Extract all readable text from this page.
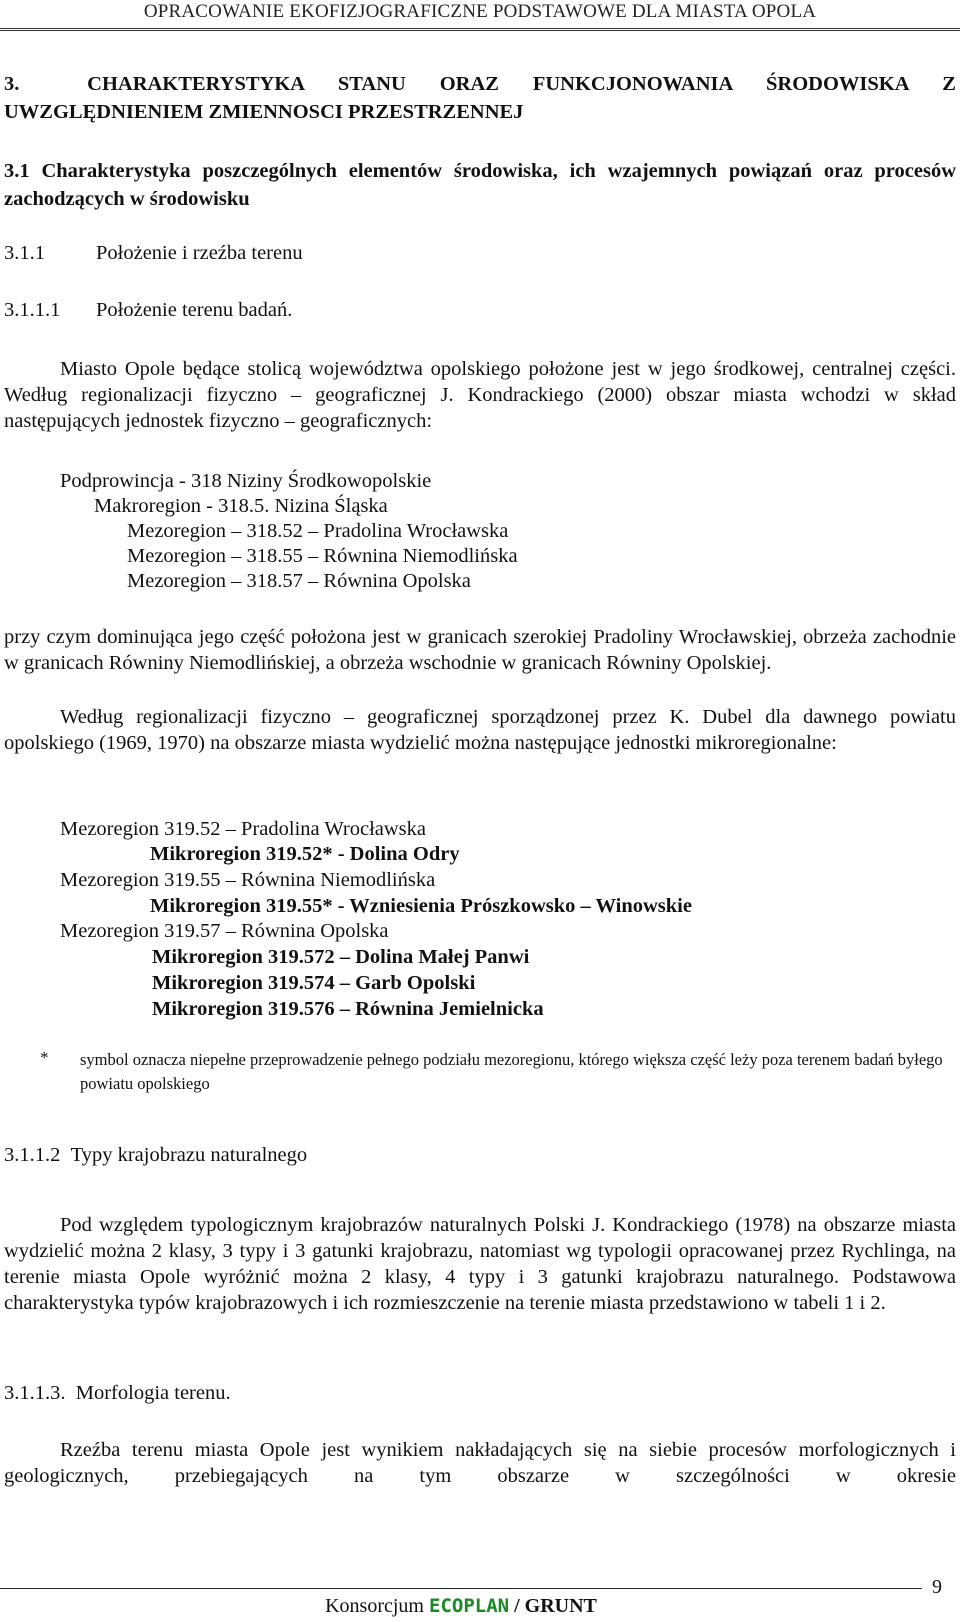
OPRACOWANIE EKOFIZJOGRAFICZNE PODSTAWOWE DLA MIASTA OPOLA

3.  CHARAKTERYSTYKA STANU ORAZ FUNKCJONOWANIA ŚRODOWISKA Z UWZGLĘDNIENIEM ZMIENNOSCI PRZESTRZENNEJ

3.1 Charakterystyka poszczególnych elementów środowiska, ich wzajemnych powiązań oraz procesów zachodzących w środowisku

3.1.1 Położenie i rzeźba terenu
3.1.1.1 Położenie terenu badań.

Miasto Opole będące stolicą województwa opolskiego położone jest w jego środkowej, centralnej części. Według regionalizacji fizyczno – geograficznej J. Kondrackiego (2000) obszar miasta wchodzi w skład następujących jednostek fizyczno – geograficznych:

Podprowincja - 318 Niziny Środkowopolskie
Makroregion - 318.5. Nizina Śląska
Mezoregion – 318.52 – Pradolina Wrocławska
Mezoregion – 318.55 – Równina Niemodlińska
Mezoregion – 318.57 – Równina Opolska

przy czym dominująca jego część położona jest w granicach szerokiej Pradoliny Wrocławskiej, obrzeża zachodnie w granicach Równiny Niemodlińskiej, a obrzeża wschodnie w granicach Równiny Opolskiej.

Według regionalizacji fizyczno – geograficznej sporządzonej przez K. Dubel dla dawnego powiatu opolskiego (1969, 1970) na obszarze miasta wydzielić można następujące jednostki mikroregionalne:

Mezoregion 319.52 – Pradolina Wrocławska
Mikroregion 319.52* - Dolina Odry
Mezoregion 319.55 – Równina Niemodlińska
Mikroregion 319.55* - Wzniesienia Prószkowsko – Winowskie
Mezoregion 319.57 – Równina Opolska
Mikroregion 319.572 – Dolina Małej Panwi
Mikroregion 319.574 – Garb Opolski
Mikroregion 319.576 – Równina Jemielnicka
* symbol oznacza niepełne przeprowadzenie pełnego podziału mezoregionu, którego większa część leży poza terenem badań byłego powiatu opolskiego
3.1.1.2 Typy krajobrazu naturalnego

Pod względem typologicznym krajobrazów naturalnych Polski J. Kondrackiego (1978) na obszarze miasta wydzielić można 2 klasy, 3 typy i 3 gatunki krajobrazu, natomiast wg typologii opracowanej przez Rychlinga, na terenie miasta Opole wyróżnić można 2 klasy, 4 typy i 3 gatunki krajobrazu naturalnego. Podstawowa charakterystyka typów krajobrazowych i ich rozmieszczenie na terenie miasta przedstawiono w tabeli 1 i 2.

3.1.1.3. Morfologia terenu.

Rzeźba terenu miasta Opole jest wynikiem nakładających się na siebie procesów morfologicznych i geologicznych, przebiegających na tym obszarze w szczególności w okresie

Konsorcjum ECOPLAN / GRUNT
9
